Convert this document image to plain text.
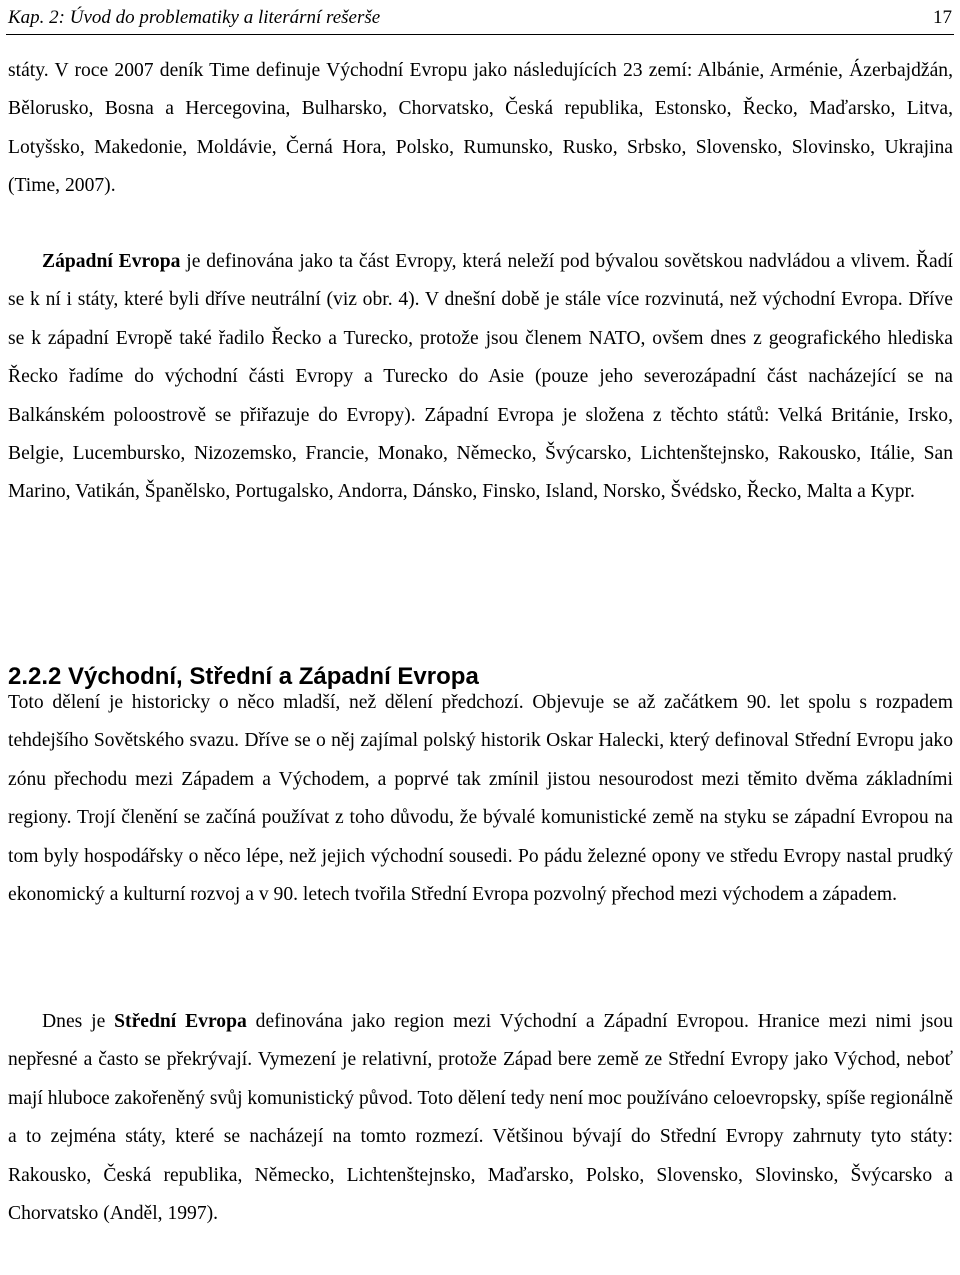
Kap. 2: Úvod do problematiky a literární rešerše	17

státy. V roce 2007 deník Time definuje Východní Evropu jako následujících 23 zemí: Albánie, Arménie, Ázerbajdžán, Bělorusko, Bosna a Hercegovina, Bulharsko, Chorvatsko, Česká republika, Estonsko, Řecko, Maďarsko, Litva, Lotyšsko, Makedonie, Moldávie, Černá Hora, Polsko, Rumunsko, Rusko, Srbsko, Slovensko, Slovinsko, Ukrajina (Time, 2007).

Západní Evropa je definována jako ta část Evropy, která neleží pod bývalou sovětskou nadvládou a vlivem. Řadí se k ní i státy, které byli dříve neutrální (viz obr. 4). V dnešní době je stále více rozvinutá, než východní Evropa. Dříve se k západní Evropě také řadilo Řecko a Turecko, protože jsou členem NATO, ovšem dnes z geografického hlediska Řecko řadíme do východní části Evropy a Turecko do Asie (pouze jeho severozápadní část nacházející se na Balkánském poloostrově se přiřazuje do Evropy). Západní Evropa je složena z těchto států: Velká Británie, Irsko, Belgie, Lucembursko, Nizozemsko, Francie, Monako, Německo, Švýcarsko, Lichtenštejnsko, Rakousko, Itálie, San Marino, Vatikán, Španělsko, Portugalsko, Andorra, Dánsko, Finsko, Island, Norsko, Švédsko, Řecko, Malta a Kypr.

2.2.2 Východní, Střední a Západní Evropa

Toto dělení je historicky o něco mladší, než dělení předchozí. Objevuje se až začátkem 90. let spolu s rozpadem tehdejšího Sovětského svazu. Dříve se o něj zajímal polský historik Oskar Halecki, který definoval Střední Evropu jako zónu přechodu mezi Západem a Východem, a poprvé tak zmínil jistou nesourodost mezi těmito dvěma základními regiony. Trojí členění se začíná používat z toho důvodu, že bývalé komunistické země na styku se západní Evropou na tom byly hospodářsky o něco lépe, než jejich východní sousedi. Po pádu železné opony ve středu Evropy nastal prudký ekonomický a kulturní rozvoj a v 90. letech tvořila Střední Evropa pozvolný přechod mezi východem a západem.

Dnes je Střední Evropa definována jako region mezi Východní a Západní Evropou. Hranice mezi nimi jsou nepřesné a často se překrývají. Vymezení je relativní, protože Západ bere země ze Střední Evropy jako Východ, neboť mají hluboce zakořeněný svůj komunistický původ. Toto dělení tedy není moc používáno celoevropsky, spíše regionálně a to zejména státy, které se nacházejí na tomto rozmezí. Většinou bývají do Střední Evropy zahrnuty tyto státy: Rakousko, Česká republika, Německo, Lichtenštejnsko, Maďarsko, Polsko, Slovensko, Slovinsko, Švýcarsko a Chorvatsko (Anděl, 1997).
